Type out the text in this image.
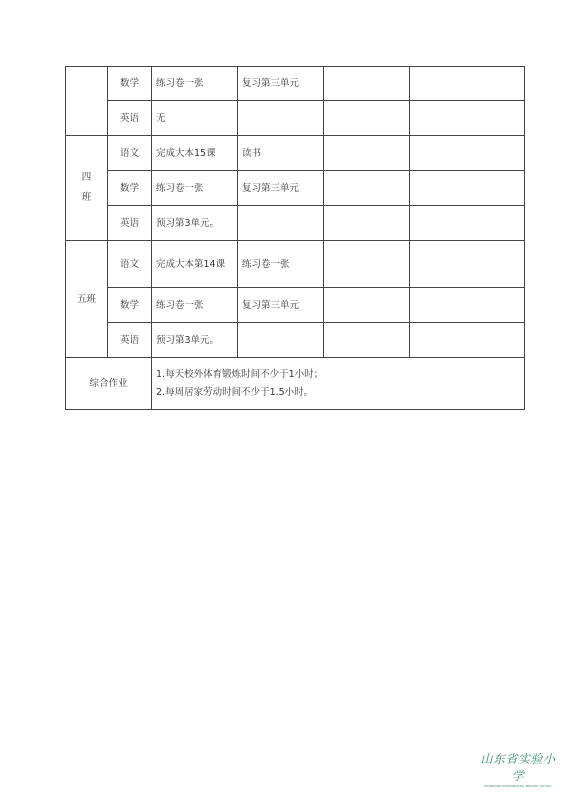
	数学	练习卷一张	复习第三单元		
	英语	无			
四
班	语文	完成大本15课	读书		
	数学	练习卷一张	复习第三单元		
	英语	预习第3单元。			
五班	语文	完成大本第14课	练习卷一张		
	数学	练习卷一张	复习第三单元		
	英语	预习第3单元。			
综合作业		1.每天校外体育锻炼时间不少于1小时；
2.每周居家劳动时间不少于1.5小时。			
山东省实验小学
SHANDONG EXPERIMENTAL PRIMARY SCHOOL
